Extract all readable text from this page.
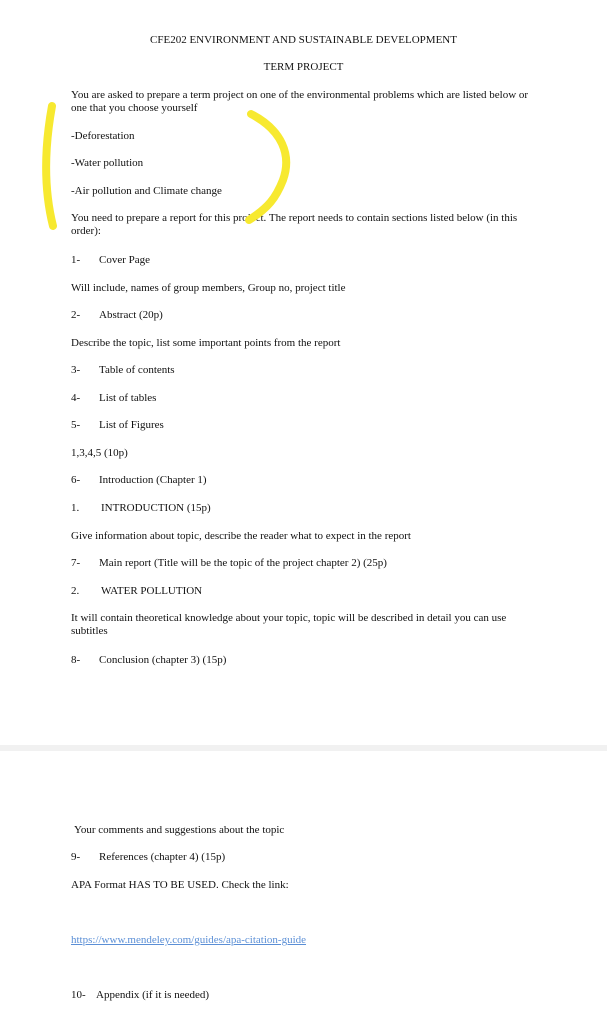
CFE202 ENVIRONMENT AND SUSTAINABLE DEVELOPMENT

TERM PROJECT

You are asked to prepare a term project on one of the environmental problems which are listed below or one that you choose yourself

-Deforestation

-Water pollution

-Air pollution and Climate change

You need to prepare a report for this project. The report needs to contain sections listed below (in this order):

1- Cover Page

Will include, names of group members, Group no, project title

2- Abstract (20p)

Describe the topic, list some important points from the report

3- Table of contents

4- List of tables

5- List of Figures

1,3,4,5 (10p)

6- Introduction (Chapter 1)

1. INTRODUCTION (15p)

Give information about topic, describe the reader what to expect in the report

7- Main report (Title will be the topic of the project chapter 2) (25p)

2. WATER POLLUTION

It will contain theoretical knowledge about your topic, topic will be described in detail you can use subtitles

8- Conclusion (chapter 3) (15p)

Your comments and suggestions about the topic

9- References (chapter 4) (15p)

APA Format HAS TO BE USED. Check the link:

https://www.mendeley.com/guides/apa-citation-guide

10- Appendix (if it is needed)
